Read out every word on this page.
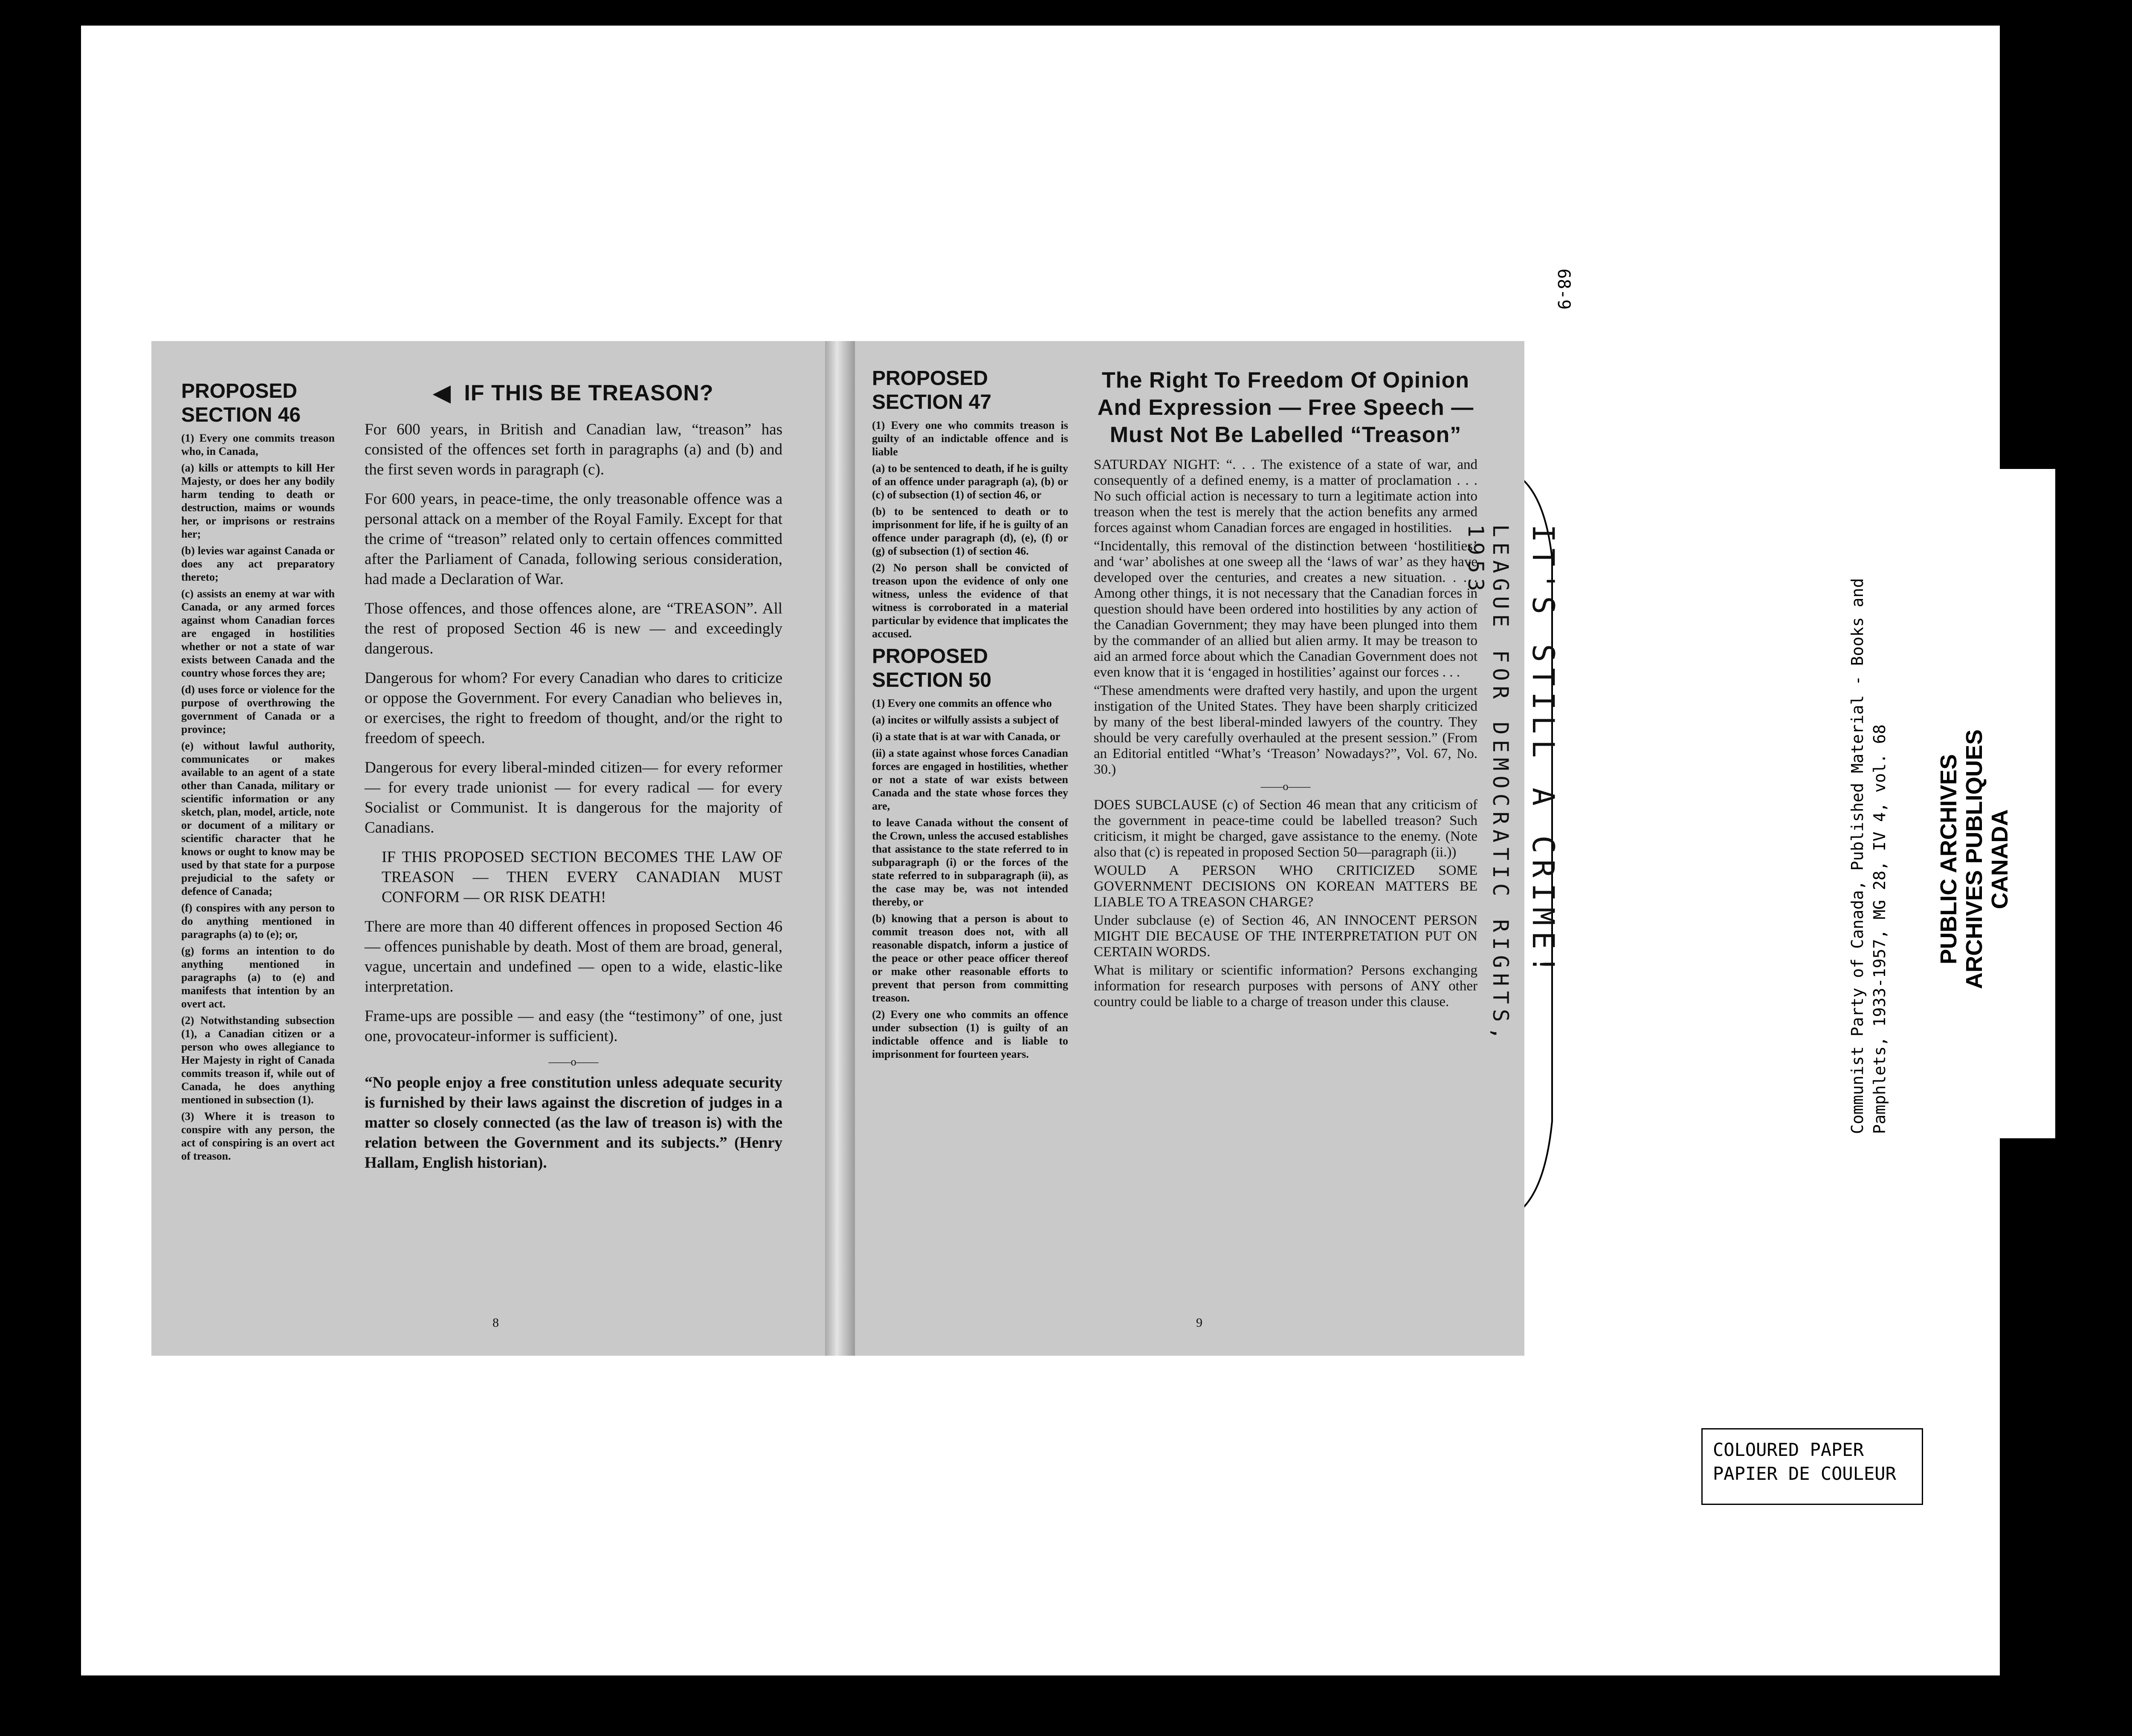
68-9
PROPOSED
SECTION 46

(1) Every one commits treason who, in Canada,

(a) kills or attempts to kill Her Majesty, or does her any bodily harm tending to death or destruction, maims or wounds her, or imprisons or restrains her;

(b) levies war against Canada or does any act preparatory thereto;

(c) assists an enemy at war with Canada, or any armed forces against whom Canadian forces are engaged in hostilities whether or not a state of war exists between Canada and the country whose forces they are;

(d) uses force or violence for the purpose of overthrowing the government of Canada or a province;

(e) without lawful authority, communicates or makes available to an agent of a state other than Canada, military or scientific information or any sketch, plan, model, article, note or document of a military or scientific character that he knows or ought to know may be used by that state for a purpose prejudicial to the safety or defence of Canada;

(f) conspires with any person to do anything mentioned in paragraphs (a) to (e); or,

(g) forms an intention to do anything mentioned in paragraphs (a) to (e) and manifests that intention by an overt act.

(2) Notwithstanding subsection (1), a Canadian citizen or a person who owes allegiance to Her Majesty in right of Canada commits treason if, while out of Canada, he does anything mentioned in subsection (1).

(3) Where it is treason to conspire with any person, the act of conspiring is an overt act of treason.

◀  IF THIS BE TREASON?

For 600 years, in British and Canadian law, “treason” has consisted of the offences set forth in paragraphs (a) and (b) and the first seven words in paragraph (c).

For 600 years, in peace-time, the only treasonable offence was a personal attack on a member of the Royal Family. Except for that the crime of “treason” related only to certain offences committed after the Parliament of Canada, following serious consideration, had made a Declaration of War.

Those offences, and those offences alone, are “TREASON”. All the rest of proposed Section 46 is new — and exceedingly dangerous.

Dangerous for whom? For every Canadian who dares to criticize or oppose the Government. For every Canadian who believes in, or exercises, the right to freedom of thought, and/or the right to freedom of speech.

Dangerous for every liberal-minded citizen— for every reformer — for every trade unionist — for every radical — for every Socialist or Communist. It is dangerous for the majority of Canadians.

IF THIS PROPOSED SECTION BECOMES THE LAW OF TREASON — THEN EVERY CANADIAN MUST CONFORM — OR RISK DEATH!

There are more than 40 different offences in proposed Section 46 — offences punishable by death. Most of them are broad, general, vague, uncertain and undefined — open to a wide, elastic-like interpretation.

Frame-ups are possible — and easy (the “testimony” of one, just one, provocateur-informer is sufficient).

——o——

“No people enjoy a free constitution unless adequate security is furnished by their laws against the discretion of judges in a matter so closely connected (as the law of treason is) with the relation between the Government and its subjects.” (Henry Hallam, English historian).

8
PROPOSED
SECTION 47

(1) Every one who commits treason is guilty of an indictable offence and is liable

(a) to be sentenced to death, if he is guilty of an offence under paragraph (a), (b) or (c) of subsection (1) of section 46, or

(b) to be sentenced to death or to imprisonment for life, if he is guilty of an offence under paragraph (d), (e), (f) or (g) of subsection (1) of section 46.

(2) No person shall be convicted of treason upon the evidence of only one witness, unless the evidence of that witness is corroborated in a material particular by evidence that implicates the accused.

PROPOSED
SECTION 50

(1) Every one commits an offence who

(a) incites or wilfully assists a subject of

(i) a state that is at war with Canada, or

(ii) a state against whose forces Canadian forces are engaged in hostilities, whether or not a state of war exists between Canada and the state whose forces they are,

to leave Canada without the consent of the Crown, unless the accused establishes that assistance to the state referred to in subparagraph (i) or the forces of the state referred to in subparagraph (ii), as the case may be, was not intended thereby, or

(b) knowing that a person is about to commit treason does not, with all reasonable dispatch, inform a justice of the peace or other peace officer thereof or make other reasonable efforts to prevent that person from committing treason.

(2) Every one who commits an offence under subsection (1) is guilty of an indictable offence and is liable to imprisonment for fourteen years.

The Right To Freedom Of Opinion And Expression — Free Speech — Must Not Be Labelled “Treason”

SATURDAY NIGHT: “. . . The existence of a state of war, and consequently of a defined enemy, is a matter of proclamation . . . No such official action is necessary to turn a legitimate action into treason when the test is merely that the action benefits any armed forces against whom Canadian forces are engaged in hostilities.

“Incidentally, this removal of the distinction between ‘hostilities’ and ‘war’ abolishes at one sweep all the ‘laws of war’ as they have developed over the centuries, and creates a new situation. . . . Among other things, it is not necessary that the Canadian forces in question should have been ordered into hostilities by any action of the Canadian Government; they may have been plunged into them by the commander of an allied but alien army. It may be treason to aid an armed force about which the Canadian Government does not even know that it is ‘engaged in hostilities’ against our forces . . .

“These amendments were drafted very hastily, and upon the urgent instigation of the United States. They have been sharply criticized by many of the best liberal-minded lawyers of the country. They should be very carefully overhauled at the present session.” (From an Editorial entitled “What’s ‘Treason’ Nowadays?”, Vol. 67, No. 30.)

——o——

DOES SUBCLAUSE (c) of Section 46 mean that any criticism of the government in peace-time could be labelled treason? Such criticism, it might be charged, gave assistance to the enemy. (Note also that (c) is repeated in proposed Section 50—paragraph (ii.))

WOULD A PERSON WHO CRITICIZED SOME GOVERNMENT DECISIONS ON KOREAN MATTERS BE LIABLE TO A TREASON CHARGE?

Under subclause (e) of Section 46, AN INNOCENT PERSON MIGHT DIE BECAUSE OF THE INTERPRETATION PUT ON CERTAIN WORDS.

What is military or scientific information? Persons exchanging information for research purposes with persons of ANY other country could be liable to a charge of treason under this clause.

9
IT'S STILL A CRIME!
LEAGUE FOR DEMOCRATIC RIGHTS, 1953
Communist Party of Canada, Published Material - Books and Pamphlets, 1933-1957, MG 28, IV 4, vol. 68 PUBLIC ARCHIVES ARCHIVES PUBLIQUES CANADA
COLOURED PAPER
PAPIER DE COULEUR
